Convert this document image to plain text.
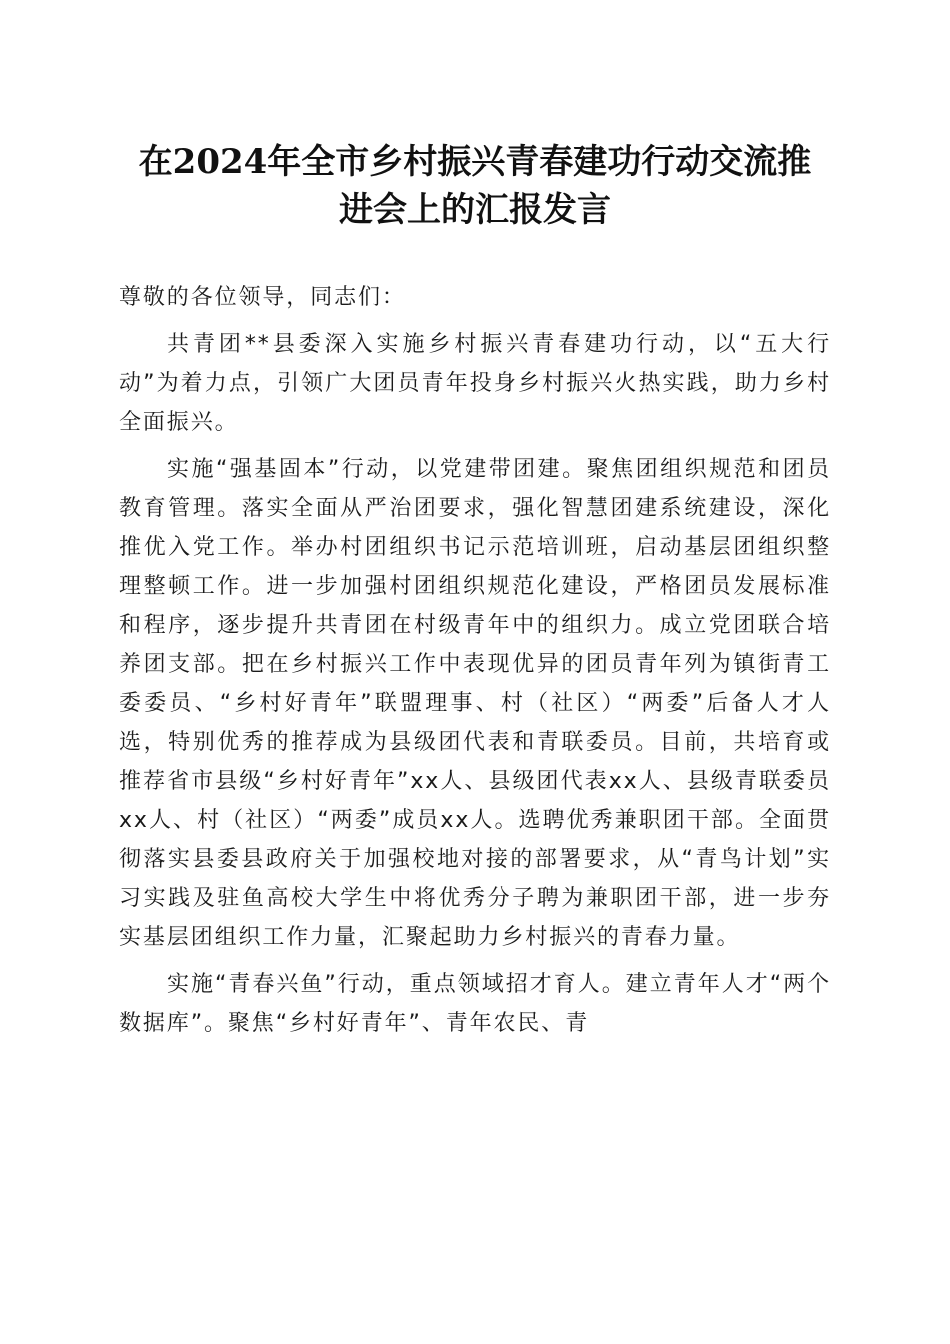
在2024年全市乡村振兴青春建功行动交流推
进会上的汇报发言

尊敬的各位领导，同志们：

共青团**县委深入实施乡村振兴青春建功行动，以“五大行动”为着力点，引领广大团员青年投身乡村振兴火热实践，助力乡村全面振兴。

实施“强基固本”行动，以党建带团建。聚焦团组织规范和团员教育管理。落实全面从严治团要求，强化智慧团建系统建设，深化推优入党工作。举办村团组织书记示范培训班，启动基层团组织整理整顿工作。进一步加强村团组织规范化建设，严格团员发展标准和程序，逐步提升共青团在村级青年中的组织力。成立党团联合培养团支部。把在乡村振兴工作中表现优异的团员青年列为镇街青工委委员、“乡村好青年”联盟理事、村（社区）“两委”后备人才人选，特别优秀的推荐成为县级团代表和青联委员。目前，共培育或推荐省市县级“乡村好青年”xx人、县级团代表xx人、县级青联委员xx人、村（社区）“两委”成员xx人。选聘优秀兼职团干部。全面贯彻落实县委县政府关于加强校地对接的部署要求，从“青鸟计划”实习实践及驻鱼高校大学生中将优秀分子聘为兼职团干部，进一步夯实基层团组织工作力量，汇聚起助力乡村振兴的青春力量。

实施“青春兴鱼”行动，重点领域招才育人。建立青年人才“两个数据库”。聚焦“乡村好青年”、青年农民、青
